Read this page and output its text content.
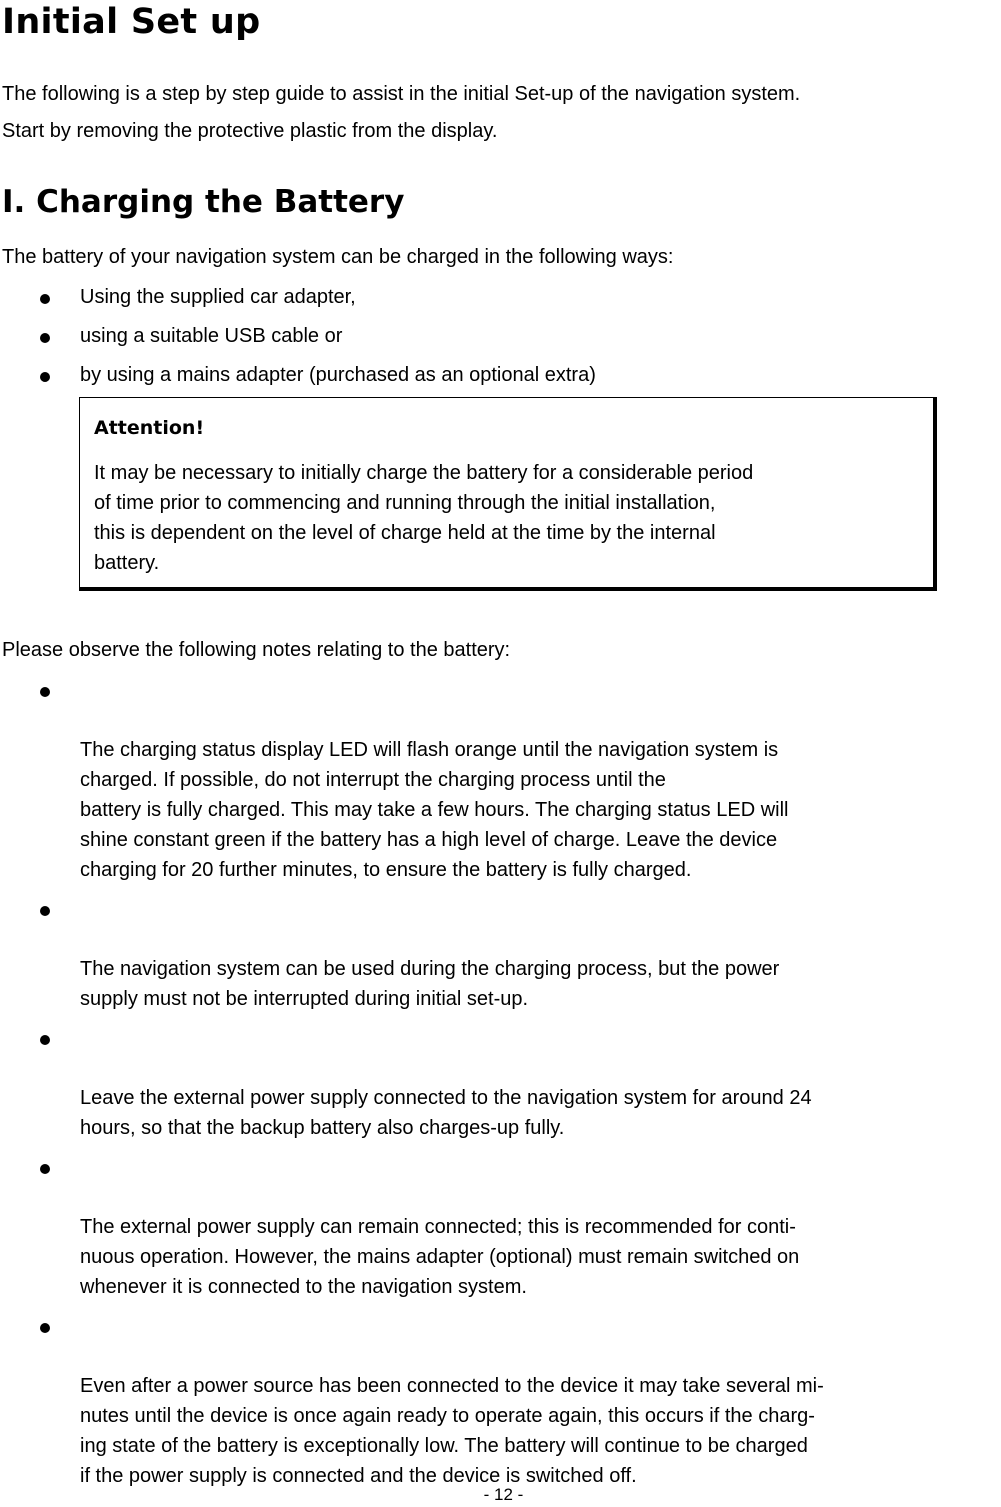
Initial Set up

The following is a step by step guide to assist in the initial Set-up of the navigation system.

Start by removing the protective plastic from the display.

I. Charging the Battery

The battery of your navigation system can be charged in the following ways:

Using the supplied car adapter,
using a suitable USB cable or
by using a mains adapter (purchased as an optional extra)

Attention!

It may be necessary to initially charge the battery for a considerable period
of time prior to commencing and running through the initial installation,
this is dependent on the level of charge held at the time by the internal
battery.

Please observe the following notes relating to the battery:

The charging status display LED will flash orange until the navigation system is
charged. If possible, do not interrupt the charging process until the
battery is fully charged. This may take a few hours. The charging status LED will
shine constant green if the battery has a high level of charge. Leave the device
charging for 20 further minutes, to ensure the battery is fully charged.

The navigation system can be used during the charging process, but the power
supply must not be interrupted during initial set-up.

Leave the external power supply connected to the navigation system for around 24
hours, so that the backup battery also charges-up fully.

The external power supply can remain connected; this is recommended for conti-
nuous operation. However, the mains adapter (optional) must remain switched on
whenever it is connected to the navigation system.

Even after a power source has been connected to the device it may take several mi-
nutes until the device is once again ready to operate again, this occurs if the charg-
ing state of the battery is exceptionally low. The battery will continue to be charged
if the power supply is connected and the device is switched off.

- 12 -
